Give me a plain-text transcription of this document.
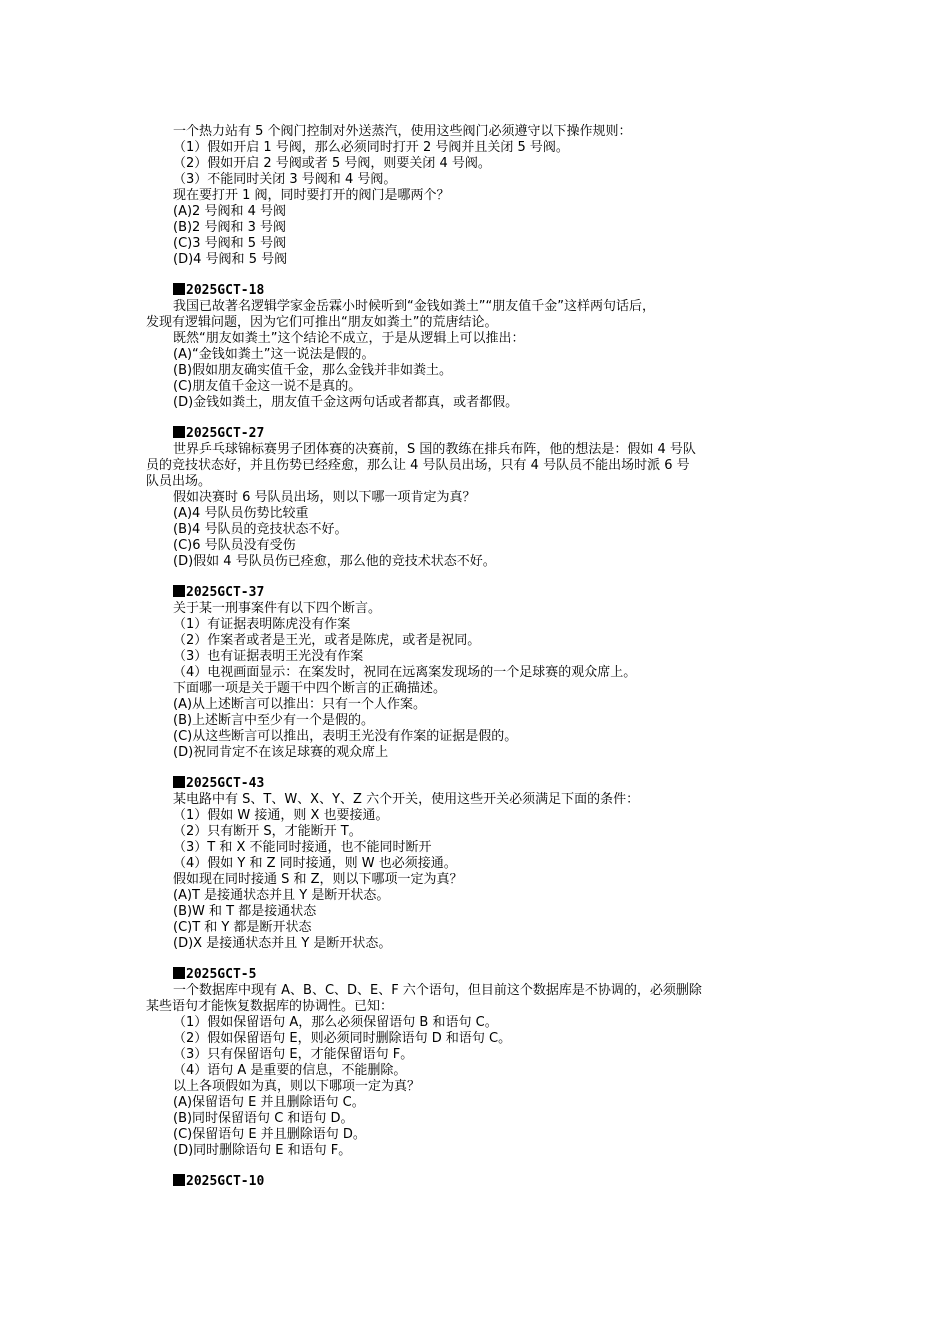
一个热力站有 5 个阀门控制对外送蒸汽，使用这些阀门必须遵守以下操作规则：

（1）假如开启 1 号阀，那么必须同时打开 2 号阀并且关闭 5 号阀。

（2）假如开启 2 号阀或者 5 号阀，则要关闭 4 号阀。

（3）不能同时关闭 3 号阀和 4 号阀。

现在要打开 1 阀，同时要打开的阀门是哪两个？

(A)2 号阀和 4 号阀

(B)2 号阀和 3 号阀

(C)3 号阀和 5 号阀

(D)4 号阀和 5 号阀

2025GCT-18

我国已故著名逻辑学家金岳霖小时候听到“金钱如粪土”“朋友值千金”这样两句话后，

发现有逻辑问题，因为它们可推出“朋友如粪土”的荒唐结论。

既然“朋友如粪土”这个结论不成立，于是从逻辑上可以推出：

(A)“金钱如粪土”这一说法是假的。

(B)假如朋友确实值千金，那么金钱并非如粪土。

(C)朋友值千金这一说不是真的。

(D)金钱如粪土，朋友值千金这两句话或者都真，或者都假。

2025GCT-27

世界乒乓球锦标赛男子团体赛的决赛前，S 国的教练在排兵布阵，他的想法是：假如 4 号队

员的竞技状态好，并且伤势已经痊愈，那么让 4 号队员出场，只有 4 号队员不能出场时派 6 号

队员出场。

假如决赛时 6 号队员出场，则以下哪一项肯定为真？

(A)4 号队员伤势比较重

(B)4 号队员的竞技状态不好。

(C)6 号队员没有受伤

(D)假如 4 号队员伤已痊愈，那么他的竞技术状态不好。

2025GCT-37

关于某一刑事案件有以下四个断言。

（1）有证据表明陈虎没有作案

（2）作案者或者是王光，或者是陈虎，或者是祝同。

（3）也有证据表明王光没有作案

（4）电视画面显示：在案发时，祝同在远离案发现场的一个足球赛的观众席上。

下面哪一项是关于题干中四个断言的正确描述。

(A)从上述断言可以推出：只有一个人作案。

(B)上述断言中至少有一个是假的。

(C)从这些断言可以推出，表明王光没有作案的证据是假的。

(D)祝同肯定不在该足球赛的观众席上

2025GCT-43

某电路中有 S、T、W、X、Y、Z 六个开关，使用这些开关必须满足下面的条件：

（1）假如 W 接通，则 X 也要接通。

（2）只有断开 S，才能断开 T。

（3）T 和 X 不能同时接通，也不能同时断开

（4）假如 Y 和 Z 同时接通，则 W 也必须接通。

假如现在同时接通 S 和 Z，则以下哪项一定为真？

(A)T 是接通状态并且 Y 是断开状态。

(B)W 和 T 都是接通状态

(C)T 和 Y 都是断开状态

(D)X 是接通状态并且 Y 是断开状态。

2025GCT-5

一个数据库中现有 A、B、C、D、E、F 六个语句，但目前这个数据库是不协调的，必须删除

某些语句才能恢复数据库的协调性。已知：

（1）假如保留语句 A，那么必须保留语句 B 和语句 C。

（2）假如保留语句 E，则必须同时删除语句 D 和语句 C。

（3）只有保留语句 E，才能保留语句 F。

（4）语句 A 是重要的信息，不能删除。

以上各项假如为真，则以下哪项一定为真？

(A)保留语句 E 并且删除语句 C。

(B)同时保留语句 C 和语句 D。

(C)保留语句 E 并且删除语句 D。

(D)同时删除语句 E 和语句 F。

2025GCT-10
